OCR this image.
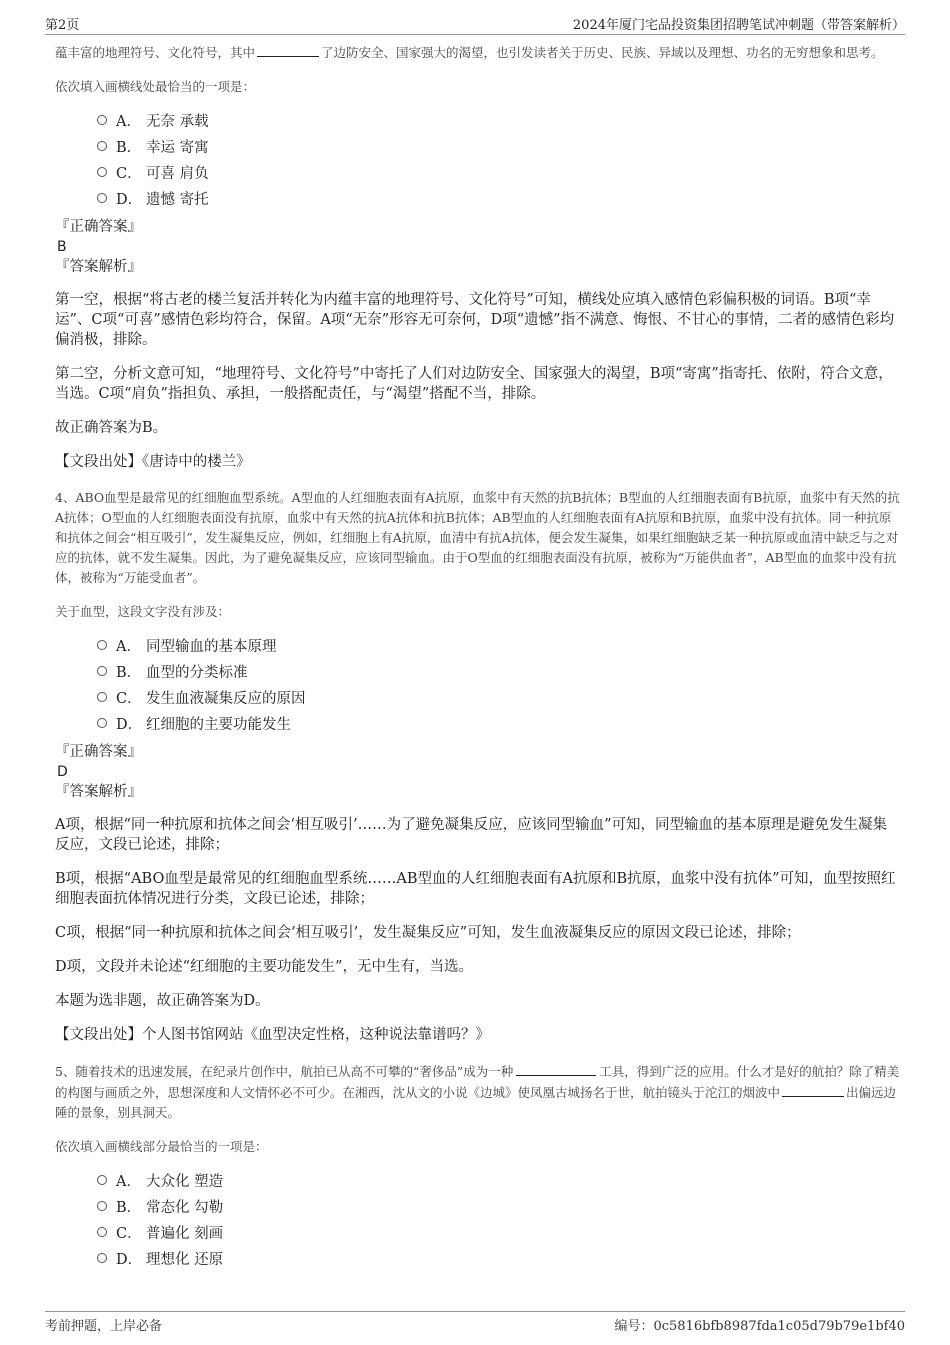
第2页	2024年厦门宅品投资集团招聘笔试冲刺题（带答案解析）

蕴丰富的地理符号、文化符号，其中	了边防安全、国家强大的渴望，也引发读者关于历史、民族、异域以及理想、功名的无穷想象和思考。

依次填入画横线处最恰当的一项是：

A． 无奈 承载
B． 幸运 寄寓
C． 可喜 肩负
D． 遗憾 寄托

『正确答案』

B

『答案解析』

第一空，根据“将古老的楼兰复活并转化为内蕴丰富的地理符号、文化符号”可知，横线处应填入感情色彩偏积极的词语。B项“幸运”、C项“可喜”感情色彩均符合，保留。A项“无奈”形容无可奈何，D项“遗憾”指不满意、悔恨、不甘心的事情，二者的感情色彩均偏消极，排除。

第二空，分析文意可知，“地理符号、文化符号”中寄托了人们对边防安全、国家强大的渴望，B项“寄寓”指寄托、依附，符合文意，当选。C项“肩负”指担负、承担，一般搭配责任，与“渴望”搭配不当，排除。

故正确答案为B。

【文段出处】《唐诗中的楼兰》

4、ABO血型是最常见的红细胞血型系统。A型血的人红细胞表面有A抗原，血浆中有天然的抗B抗体；B型血的人红细胞表面有B抗原，血浆中有天然的抗A抗体；O型血的人红细胞表面没有抗原，血浆中有天然的抗A抗体和抗B抗体；AB型血的人红细胞表面有A抗原和B抗原，血浆中没有抗体。同一种抗原和抗体之间会“相互吸引”，发生凝集反应，例如，红细胞上有A抗原，血清中有抗A抗体，便会发生凝集，如果红细胞缺乏某一种抗原或血清中缺乏与之对应的抗体，就不发生凝集。因此，为了避免凝集反应，应该同型输血。由于O型血的红细胞表面没有抗原，被称为“万能供血者”，AB型血的血浆中没有抗体，被称为“万能受血者”。

关于血型，这段文字没有涉及：

A． 同型输血的基本原理
B． 血型的分类标准
C． 发生血液凝集反应的原因
D． 红细胞的主要功能发生

『正确答案』

D

『答案解析』

A项，根据“同一种抗原和抗体之间会‘相互吸引’……为了避免凝集反应，应该同型输血”可知，同型输血的基本原理是避免发生凝集反应，文段已论述，排除；

B项，根据“ABO血型是最常见的红细胞血型系统……AB型血的人红细胞表面有A抗原和B抗原，血浆中没有抗体”可知，血型按照红细胞表面抗体情况进行分类，文段已论述，排除；

C项，根据“同一种抗原和抗体之间会‘相互吸引’，发生凝集反应”可知，发生血液凝集反应的原因文段已论述，排除；

D项，文段并未论述“红细胞的主要功能发生”，无中生有，当选。

本题为选非题，故正确答案为D。

【文段出处】个人图书馆网站《血型决定性格，这种说法靠谱吗？》

5、随着技术的迅速发展，在纪录片创作中，航拍已从高不可攀的“奢侈品”成为一种	工具，得到广泛的应用。什么才是好的航拍？除了精美的构图与画质之外，思想深度和人文情怀必不可少。在湘西，沈从文的小说《边城》使凤凰古城扬名于世，航拍镜头于沱江的烟波中	出偏远边陲的景象，别具洞天。

依次填入画横线部分最恰当的一项是：

A． 大众化 塑造
B． 常态化 勾勒
C． 普遍化 刻画
D． 理想化 还原
考前押题，上岸必备	编号：0c5816bfb8987fda1c05d79b79e1bf40
